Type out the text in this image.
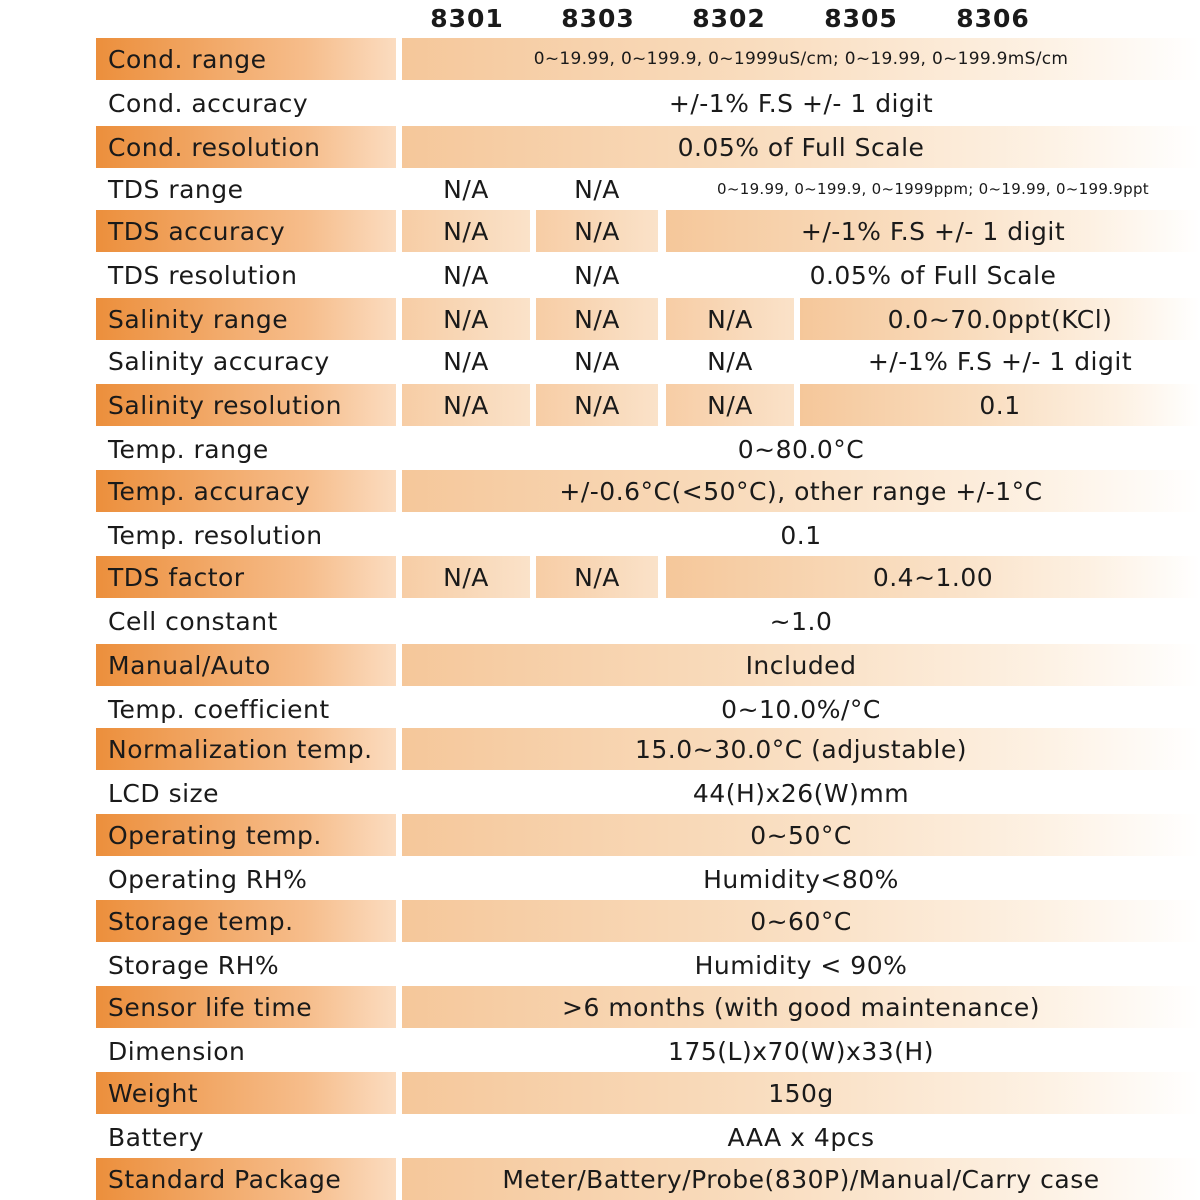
8301	8303	8302	8305	8306
Cond. range	0~19.99, 0~199.9, 0~1999uS/cm; 0~19.99, 0~199.9mS/cm
Cond. accuracy	+/-1% F.S +/- 1 digit
Cond. resolution	0.05% of Full Scale
TDS range	N/A	N/A	0~19.99, 0~199.9, 0~1999ppm; 0~19.99, 0~199.9ppt
TDS accuracy	N/A	N/A	+/-1% F.S +/- 1 digit
TDS resolution	N/A	N/A	0.05% of Full Scale
Salinity range	N/A	N/A	N/A	0.0~70.0ppt(KCl)
Salinity accuracy	N/A	N/A	N/A	+/-1% F.S +/- 1 digit
Salinity resolution	N/A	N/A	N/A	0.1
Temp. range	0~80.0°C
Temp. accuracy	+/-0.6°C(<50°C), other range +/-1°C
Temp. resolution	0.1
TDS factor	N/A	N/A	0.4~1.00
Cell constant	~1.0
Manual/Auto	Included
Temp. coefficient	0~10.0%/°C
Normalization temp.	15.0~30.0°C (adjustable)
LCD size	44(H)x26(W)mm
Operating temp.	0~50°C
Operating RH%	Humidity<80%
Storage temp.	0~60°C
Storage RH%	Humidity < 90%
Sensor life time	>6 months (with good maintenance)
Dimension	175(L)x70(W)x33(H)
Weight	150g
Battery	AAA x 4pcs
Standard Package	Meter/Battery/Probe(830P)/Manual/Carry case
